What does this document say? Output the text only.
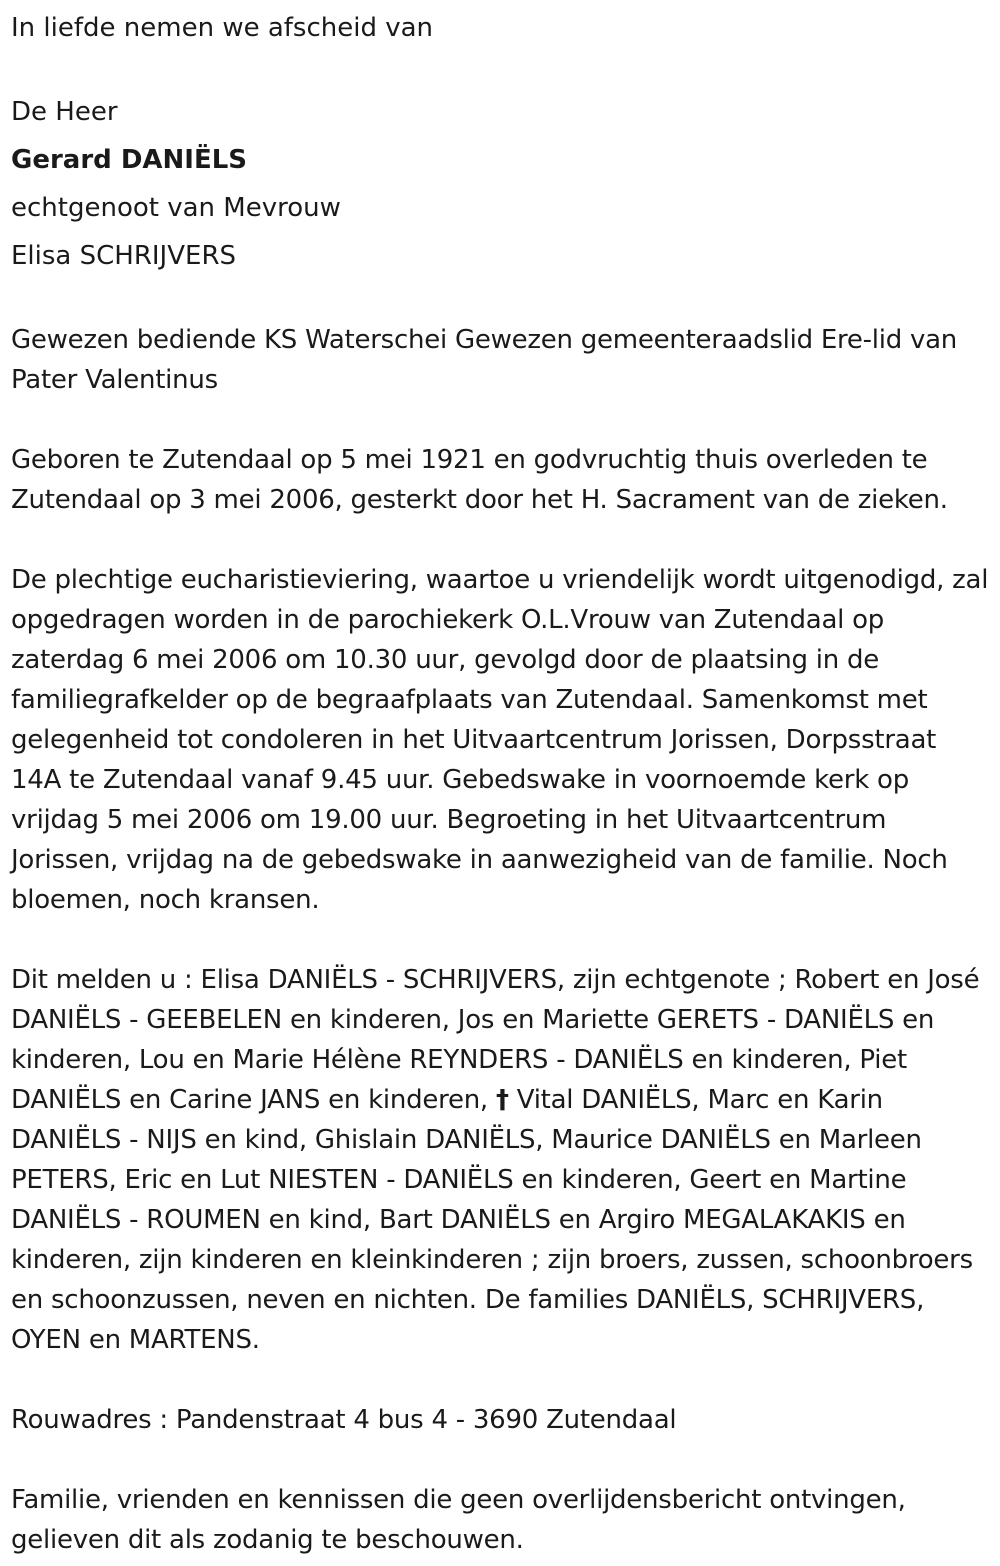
In liefde nemen we afscheid van

De Heer

Gerard DANIËLS

echtgenoot van Mevrouw

Elisa SCHRIJVERS

Gewezen bediende KS Waterschei Gewezen gemeenteraadslid Ere-lid van Pater Valentinus

Geboren te Zutendaal op 5 mei 1921 en godvruchtig thuis overleden te Zutendaal op 3 mei 2006, gesterkt door het H. Sacrament van de zieken.

De plechtige eucharistieviering, waartoe u vriendelijk wordt uitgenodigd, zal opgedragen worden in de parochiekerk O.L.Vrouw van Zutendaal op zaterdag 6 mei 2006 om 10.30 uur, gevolgd door de plaatsing in de familiegrafkelder op de begraafplaats van Zutendaal. Samenkomst met gelegenheid tot condoleren in het Uitvaartcentrum Jorissen, Dorpsstraat 14A te Zutendaal vanaf 9.45 uur. Gebedswake in voornoemde kerk op vrijdag 5 mei 2006 om 19.00 uur. Begroeting in het Uitvaartcentrum Jorissen, vrijdag na de gebedswake in aanwezigheid van de familie. Noch bloemen, noch kransen.

Dit melden u : Elisa DANIËLS - SCHRIJVERS, zijn echtgenote ; Robert en José DANIËLS - GEEBELEN en kinderen, Jos en Mariette GERETS - DANIËLS en kinderen, Lou en Marie Hélène REYNDERS - DANIËLS en kinderen, Piet DANIËLS en Carine JANS en kinderen, † Vital DANIËLS, Marc en Karin DANIËLS - NIJS en kind, Ghislain DANIËLS, Maurice DANIËLS en Marleen PETERS, Eric en Lut NIESTEN - DANIËLS en kinderen, Geert en Martine DANIËLS - ROUMEN en kind, Bart DANIËLS en Argiro MEGALAKAKIS en kinderen, zijn kinderen en kleinkinderen ; zijn broers, zussen, schoonbroers en schoonzussen, neven en nichten. De families DANIËLS, SCHRIJVERS, OYEN en MARTENS.

Rouwadres : Pandenstraat 4 bus 4 - 3690 Zutendaal

Familie, vrienden en kennissen die geen overlijdensbericht ontvingen, gelieven dit als zodanig te beschouwen.
